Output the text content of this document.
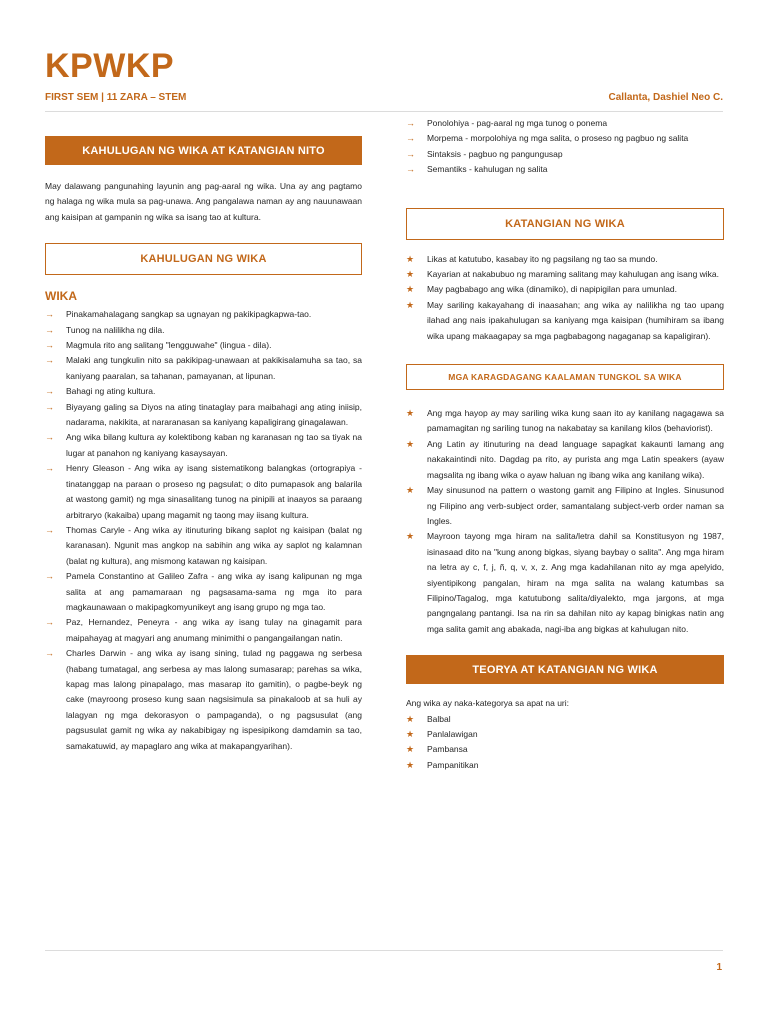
KPWKP
FIRST SEM | 11 ZARA – STEM	Callanta, Dashiel Neo C.
KAHULUGAN NG WIKA AT KATANGIAN NITO

May dalawang pangunahing layunin ang pag-aaral ng wika. Una ay ang pagtamo ng halaga ng wika mula sa pag-unawa. Ang pangalawa naman ay ang nauunawaan ang kaisipan at gampanin ng wika sa isang tao at kultura.

KAHULUGAN NG WIKA
WIKA
→	Pinakamahalagang sangkap sa ugnayan ng pakikipagkapwa-tao.
→	Tunog na nalilikha ng dila.
→	Magmula rito ang salitang "lengguwahe" (lingua - dila).
→	Malaki ang tungkulin nito sa pakikipag-unawaan at pakikisalamuha sa tao, sa kaniyang paaralan, sa tahanan, pamayanan, at lipunan.
→	Bahagi ng ating kultura.
→	Biyayang galing sa Diyos na ating tinataglay para maibahagi ang ating iniisip, nadarama, nakikita, at nararanasan sa kaniyang kapaligirang ginagalawan.
→	Ang wika bilang kultura ay kolektibong kaban ng karanasan ng tao sa tiyak na lugar at panahon ng kaniyang kasaysayan.
→	Henry Gleason - Ang wika ay isang sistematikong balangkas (ortograpiya - tinatanggap na paraan o proseso ng pagsulat; o dito pumapasok ang balarila at wastong gamit) ng mga sinasalitang tunog na pinipili at inaayos sa paraang arbitraryo (kakaiba) upang magamit ng taong may iisang kultura.
→	Thomas Caryle - Ang wika ay itinuturing bikang saplot ng kaisipan (balat ng karanasan). Ngunit mas angkop na sabihin ang wika ay saplot ng kalamnan (balat ng kultura), ang mismong katawan ng kaisipan.
→	Pamela Constantino at Galileo Zafra - ang wika ay isang kalipunan ng mga salita at ang pamamaraan ng pagsasama-sama ng mga ito para magkaunawaan o makipagkomyunikeyt ang isang grupo ng mga tao.
→	Paz, Hernandez, Peneyra - ang wika ay isang tulay na ginagamit para maipahayag at magyari ang anumang minimithi o pangangailangan natin.
→	Charles Darwin - ang wika ay isang sining, tulad ng paggawa ng serbesa (habang tumatagal, ang serbesa ay mas lalong sumasarap; parehas sa wika, kapag mas lalong pinapalago, mas masarap ito gamitin), o pagbe-beyk ng cake (mayroong proseso kung saan nagsisimula sa pinakaloob at sa huli ay lalagyan ng mga dekorasyon o pampaganda), o ng pagsusulat (ang pagsusulat gamit ng wika ay nakabibigay ng ispesipikong damdamin sa tao, samakatuwid, ay mapaglaro ang wika at makapangyarihan).
→	Ponolohiya - pag-aaral ng mga tunog o ponema
→	Morpema - morpolohiya ng mga salita, o proseso ng pagbuo ng salita
→	Sintaksis - pagbuo ng pangungusap
→	Semantiks - kahulugan ng salita
KATANGIAN NG WIKA
★	Likas at katutubo, kasabay ito ng pagsilang ng tao sa mundo.
★	Kayarian at nakabubuo ng maraming salitang may kahulugan ang isang wika.
★	May pagbabago ang wika (dinamiko), di napipigilan para umunlad.
★	May sariling kakayahang di inaasahan; ang wika ay nalilikha ng tao upang ilahad ang nais ipakahulugan sa kaniyang mga kaisipan (humihiram sa ibang wika upang makaagapay sa mga pagbabagong nagaganap sa kapaligiran).
MGA KARAGDAGANG KAALAMAN TUNGKOL SA WIKA
★	Ang mga hayop ay may sariling wika kung saan ito ay kanilang nagagawa sa pamamagitan ng sariling tunog na nakabatay sa kanilang kilos (behaviorist).
★	Ang Latin ay itinuturing na dead language sapagkat kakaunti lamang ang nakakaintindi nito. Dagdag pa rito, ay purista ang mga Latin speakers (ayaw magsalita ng ibang wika o ayaw haluan ng ibang wika ang kanilang wika).
★	May sinusunod na pattern o wastong gamit ang Filipino at Ingles. Sinusunod ng Filipino ang verb-subject order, samantalang subject-verb order naman sa Ingles.
★	Mayroon tayong mga hiram na salita/letra dahil sa Konstitusyon ng 1987, isinasaad dito na "kung anong bigkas, siyang baybay o salita". Ang mga hiram na letra ay c, f, j, ñ, q, v, x, z. Ang mga kadahilanan nito ay mga apelyido, siyentipikong pangalan, hiram na mga salita na walang katumbas sa Filipino/Tagalog, mga katutubong salita/diyalekto, mga jargons, at mga pangngalang pantangi. Isa na rin sa dahilan nito ay kapag binigkas natin ang mga salita gamit ang abakada, nagi-iba ang bigkas at kahulugan nito.
TEORYA AT KATANGIAN NG WIKA

Ang wika ay naka-kategorya sa apat na uri:

★	Balbal
★	Panlalawigan
★	Pambansa
★	Pampanitikan
1
